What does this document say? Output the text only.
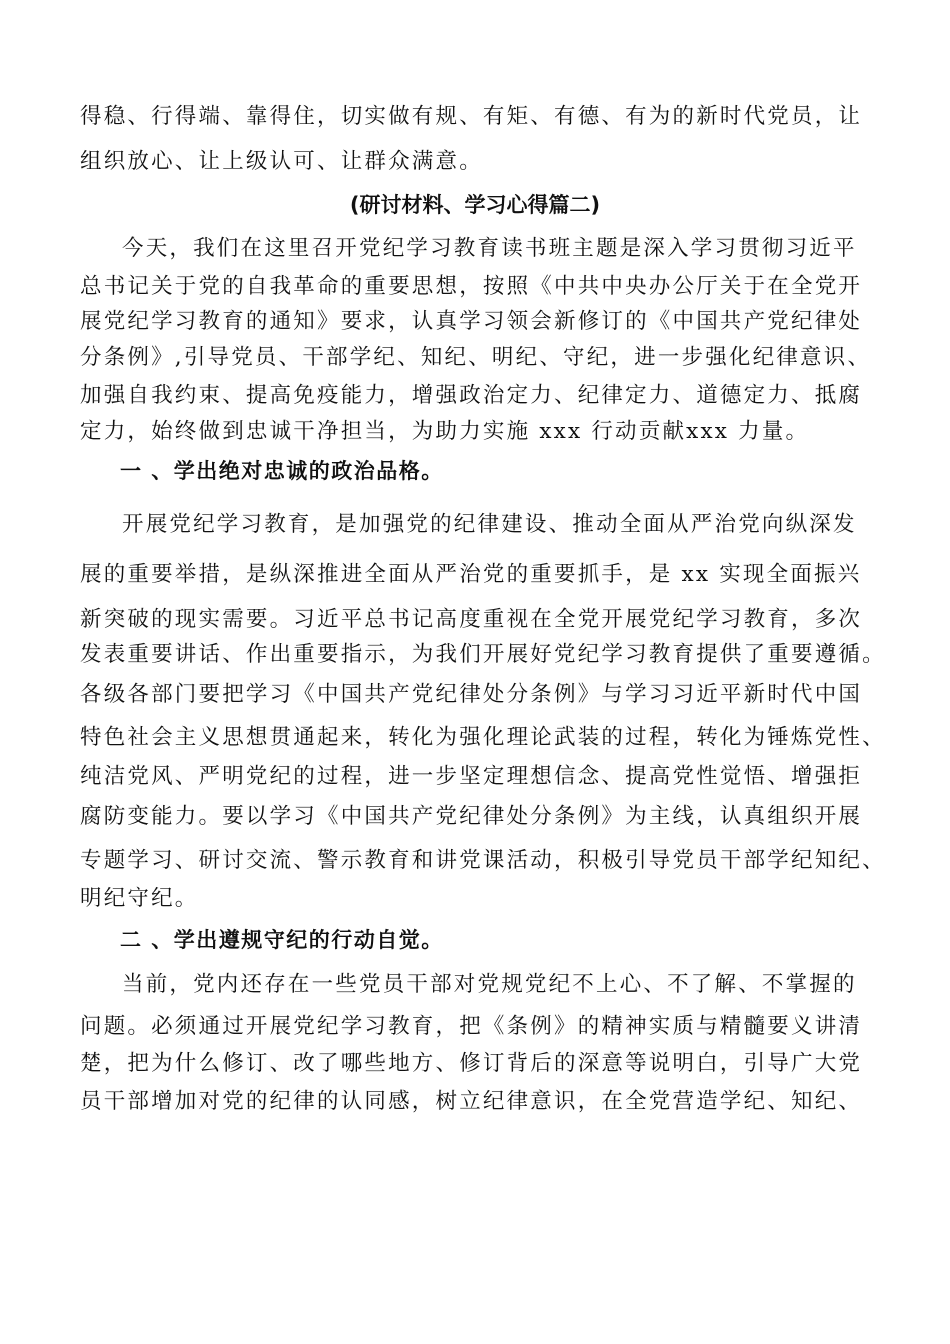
得稳、行得端、靠得住，切实做有规、有矩、有德、有为的新时代党员，让
组织放心、让上级认可、让群众满意。
(研讨材料、学习心得篇二)
今天，我们在这里召开党纪学习教育读书班主题是深入学习贯彻习近平
总书记关于党的自我革命的重要思想，按照《中共中央办公厅关于在全党开
展党纪学习教育的通知》要求，认真学习领会新修订的《中国共产党纪律处
分条例》,引导党员、干部学纪、知纪、明纪、守纪，进一步强化纪律意识、
加强自我约束、提高免疫能力，增强政治定力、纪律定力、道德定力、抵腐
定力，始终做到忠诚干净担当，为助力实施 xxx 行动贡献xxx 力量。
一 、学出绝对忠诚的政治品格。
开展党纪学习教育，是加强党的纪律建设、推动全面从严治党向纵深发
展的重要举措，是纵深推进全面从严治党的重要抓手，是 xx 实现全面振兴
新突破的现实需要。习近平总书记高度重视在全党开展党纪学习教育，多次
发表重要讲话、作出重要指示，为我们开展好党纪学习教育提供了重要遵循。
各级各部门要把学习《中国共产党纪律处分条例》与学习习近平新时代中国
特色社会主义思想贯通起来，转化为强化理论武装的过程，转化为锤炼党性、
纯洁党风、严明党纪的过程，进一步坚定理想信念、提高党性觉悟、增强拒
腐防变能力。要以学习《中国共产党纪律处分条例》为主线，认真组织开展
专题学习、研讨交流、警示教育和讲党课活动，积极引导党员干部学纪知纪、
明纪守纪。
二 、学出遵规守纪的行动自觉。
当前，党内还存在一些党员干部对党规党纪不上心、不了解、不掌握的
问题。必须通过开展党纪学习教育，把《条例》的精神实质与精髓要义讲清
楚，把为什么修订、改了哪些地方、修订背后的深意等说明白，引导广大党
员干部增加对党的纪律的认同感，树立纪律意识，在全党营造学纪、知纪、
